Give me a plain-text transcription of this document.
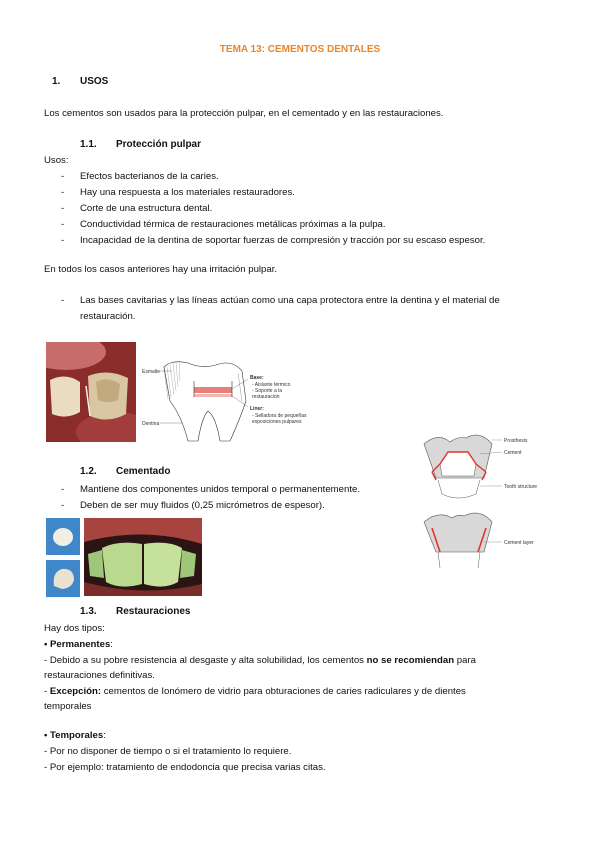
TEMA 13: CEMENTOS DENTALES
1. USOS
Los cementos son usados para la protección pulpar, en el cementado y en las restauraciones.
1.1. Protección pulpar
Usos:
- Efectos bacterianos de la caries.
- Hay una respuesta a los materiales restauradores.
- Corte de una estructura dental.
- Conductividad térmica de restauraciones metálicas próximas a la pulpa.
- Incapacidad de la dentina de soportar fuerzas de compresión y tracción por su escaso espesor.
En todos los casos anteriores hay una irritación pulpar.
- Las bases cavitarias y las líneas actúan como una capa protectora entre la dentina y el material de
restauración.
Esmalte
Dentina
Base:
- Aislante térmico
- Soporte a la
restauración
Liner:
- Selladora de pequeñas
exposiciones pulpares
Prosthesis
Cement
Tooth structure
Cement layer
1.2. Cementado
- Mantiene dos componentes unidos temporal o permanentemente.
- Deben de ser muy fluidos (0,25 micrómetros de espesor).
1.3. Restauraciones
Hay dos tipos:
• Permanentes:
- Debido a su pobre resistencia al desgaste y alta solubilidad, los cementos no se recomiendan para
restauraciones definitivas.
- Excepción: cementos de Ionómero de vidrio para obturaciones de caries radiculares y de dientes
temporales
• Temporales:
- Por no disponer de tiempo o si el tratamiento lo requiere.
- Por ejemplo: tratamiento de endodoncia que precisa varias citas.
